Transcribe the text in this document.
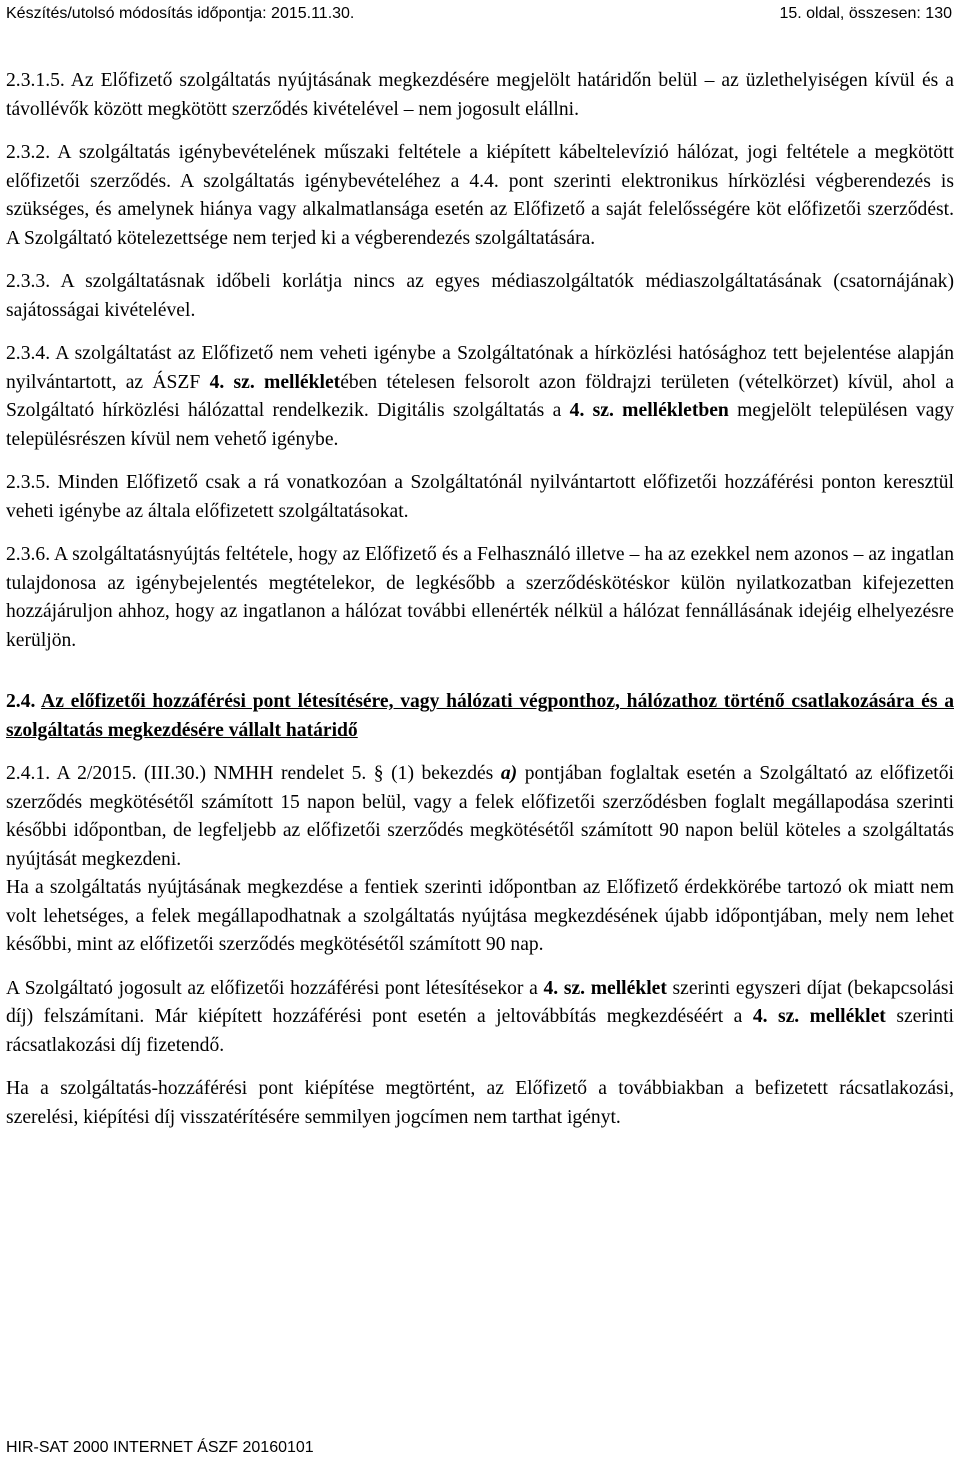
Készítés/utolsó módosítás időpontja: 2015.11.30.	15. oldal, összesen: 130

2.3.1.5. Az Előfizető szolgáltatás nyújtásának megkezdésére megjelölt határidőn belül – az üzlethelyiségen kívül és a távollévők között megkötött szerződés kivételével – nem jogosult elállni.

2.3.2. A szolgáltatás igénybevételének műszaki feltétele a kiépített kábeltelevízió hálózat, jogi feltétele a megkötött előfizetői szerződés. A szolgáltatás igénybevételéhez a 4.4. pont szerinti elektronikus hírközlési végberendezés is szükséges, és amelynek hiánya vagy alkalmatlansága esetén az Előfizető a saját felelősségére köt előfizetői szerződést. A Szolgáltató kötelezettsége nem terjed ki a végberendezés szolgáltatására.

2.3.3. A szolgáltatásnak időbeli korlátja nincs az egyes médiaszolgáltatók médiaszolgáltatásának (csatornájának) sajátosságai kivételével.

2.3.4. A szolgáltatást az Előfizető nem veheti igénybe a Szolgáltatónak a hírközlési hatósághoz tett bejelentése alapján nyilvántartott, az ÁSZF 4. sz. mellékletében tételesen felsorolt azon földrajzi területen (vételkörzet) kívül, ahol a Szolgáltató hírközlési hálózattal rendelkezik. Digitális szolgáltatás a 4. sz. mellékletben megjelölt településen vagy településrészen kívül nem vehető igénybe.

2.3.5. Minden Előfizető csak a rá vonatkozóan a Szolgáltatónál nyilvántartott előfizetői hozzáférési ponton keresztül veheti igénybe az általa előfizetett szolgáltatásokat.

2.3.6. A szolgáltatásnyújtás feltétele, hogy az Előfizető és a Felhasználó illetve – ha az ezekkel nem azonos – az ingatlan tulajdonosa az igénybejelentés megtételekor, de legkésőbb a szerződéskötéskor külön nyilatkozatban kifejezetten hozzájáruljon ahhoz, hogy az ingatlanon a hálózat további ellenérték nélkül a hálózat fennállásának idejéig elhelyezésre kerüljön.

2.4. Az előfizetői hozzáférési pont létesítésére, vagy hálózati végponthoz, hálózathoz történő csatlakozására és a szolgáltatás megkezdésére vállalt határidő

2.4.1. A 2/2015. (III.30.) NMHH rendelet 5. § (1) bekezdés a) pontjában foglaltak esetén a Szolgáltató az előfizetői szerződés megkötésétől számított 15 napon belül, vagy a felek előfizetői szerződésben foglalt megállapodása szerinti későbbi időpontban, de legfeljebb az előfizetői szerződés megkötésétől számított 90 napon belül köteles a szolgáltatás nyújtását megkezdeni.

Ha a szolgáltatás nyújtásának megkezdése a fentiek szerinti időpontban az Előfizető érdekkörébe tartozó ok miatt nem volt lehetséges, a felek megállapodhatnak a szolgáltatás nyújtása megkezdésének újabb időpontjában, mely nem lehet későbbi, mint az előfizetői szerződés megkötésétől számított 90 nap.

A Szolgáltató jogosult az előfizetői hozzáférési pont létesítésekor a 4. sz. melléklet szerinti egyszeri díjat (bekapcsolási díj) felszámítani. Már kiépített hozzáférési pont esetén a jeltovábbítás megkezdéséért a 4. sz. melléklet szerinti rácsatlakozási díj fizetendő.

Ha a szolgáltatás-hozzáférési pont kiépítése megtörtént, az Előfizető a továbbiakban a befizetett rácsatlakozási, szerelési, kiépítési díj visszatérítésére semmilyen jogcímen nem tarthat igényt.

HIR-SAT 2000 INTERNET ÁSZF 20160101
